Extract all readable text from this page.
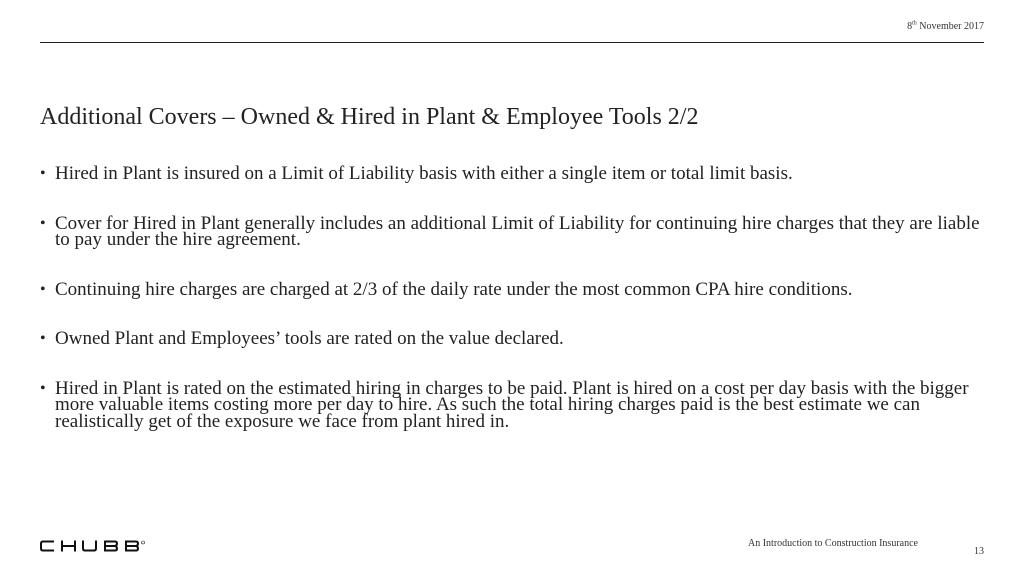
8th November 2017
Additional Covers – Owned & Hired in Plant & Employee Tools 2/2
• Hired in Plant is insured on a Limit of Liability basis with either a single item or total limit basis.
• Cover for Hired in Plant generally includes an additional Limit of Liability for continuing hire charges that they are liable to pay under the hire agreement.
• Continuing hire charges are charged at 2/3 of the daily rate under the most common CPA hire conditions.
• Owned Plant and Employees’ tools are rated on the value declared.
• Hired in Plant is rated on the estimated hiring in charges to be paid. Plant is hired on a cost per day basis with the bigger more valuable items costing more per day to hire. As such the total hiring charges paid is the best estimate we can realistically get of the exposure we face from plant hired in.
An Introduction to Construction Insurance
13
